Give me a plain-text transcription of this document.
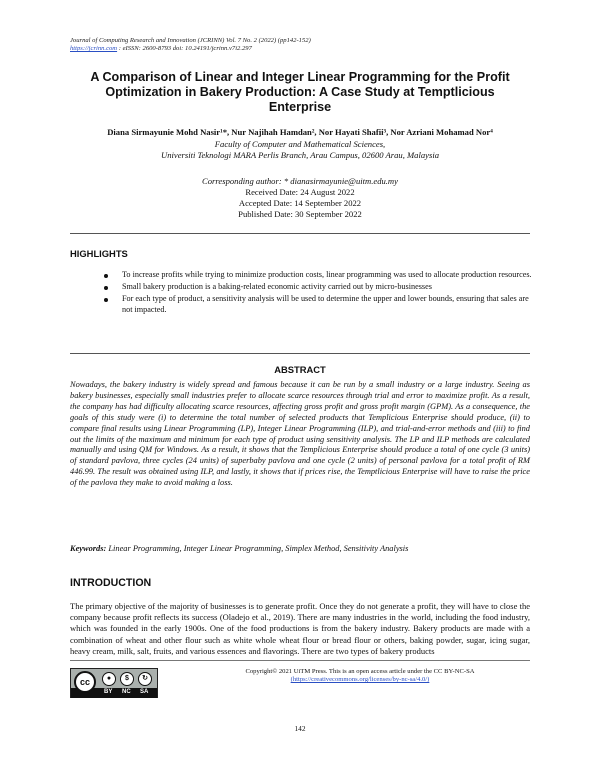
Journal of Computing Research and Innovation (JCRINN) Vol. 7 No. 2 (2022) (pp142-152)
https://jcrinn.com : eISSN: 2600-8793 doi: 10.24191/jcrinn.v7i2.297
A Comparison of Linear and Integer Linear Programming for the Profit
Optimization in Bakery Production: A Case Study at Temptlicious
Enterprise
Diana Sirmayunie Mohd Nasir¹*, Nur Najihah Hamdan², Nor Hayati Shafii³, Nor Azriani Mohamad Nor⁴
Faculty of Computer and Mathematical Sciences,
Universiti Teknologi MARA Perlis Branch, Arau Campus, 02600 Arau, Malaysia
Corresponding author: * dianasirmayunie@uitm.edu.my
Received Date: 24 August 2022
Accepted Date: 14 September 2022
Published Date: 30 September 2022
HIGHLIGHTS
To increase profits while trying to minimize production costs, linear programming was used to allocate production resources.
Small bakery production is a baking-related economic activity carried out by micro-businesses
For each type of product, a sensitivity analysis will be used to determine the upper and lower bounds, ensuring that sales are not impacted.
ABSTRACT
Nowadays, the bakery industry is widely spread and famous because it can be run by a small industry or a large industry. Seeing as bakery businesses, especially small industries prefer to allocate scarce resources through trial and error to maximize profit. As a result, the company has had difficulty allocating scarce resources, affecting gross profit and gross profit margin (GPM). As a consequence, the goals of this study were (i) to determine the total number of selected products that Templicious Enterprise should produce, (ii) to compare final results using Linear Programming (LP), Integer Linear Programming (ILP), and trial-and-error methods and (iii) to find out the limits of the maximum and minimum for each type of product using sensitivity analysis. The LP and ILP methods are calculated manually and using QM for Windows. As a result, it shows that the Templicious Enterprise should produce a total of one cycle (3 units) of standard pavlova, three cycles (24 units) of superbaby pavlova and one cycle (2 units) of personal pavlova for a total profit of RM 446.99. The result was obtained using ILP, and lastly, it shows that if prices rise, the Temptlicious Enterprise will have to raise the price of the pavlova they make to avoid making a loss.
Keywords: Linear Programming, Integer Linear Programming, Simplex Method, Sensitivity Analysis
INTRODUCTION
The primary objective of the majority of businesses is to generate profit. Once they do not generate a profit, they will have to close the company because profit reflects its success (Oladejo et al., 2019). There are many industries in the world, including the food industry, which was founded in the early 1900s. One of the food productions is from the bakery industry. Bakery products are made with a combination of wheat and other flour such as white whole wheat flour or bread flour or others, baking powder, sugar, icing sugar, heavy cream, milk, salt, fruits, and various essences and flavorings. There are two types of bakery products
cc	●	$	↻
BY NC SA
Copyright© 2021 UiTM Press. This is an open access article under the CC BY-NC-SA
(https://creativecommons.org/licenses/by-nc-sa/4.0/)
142
